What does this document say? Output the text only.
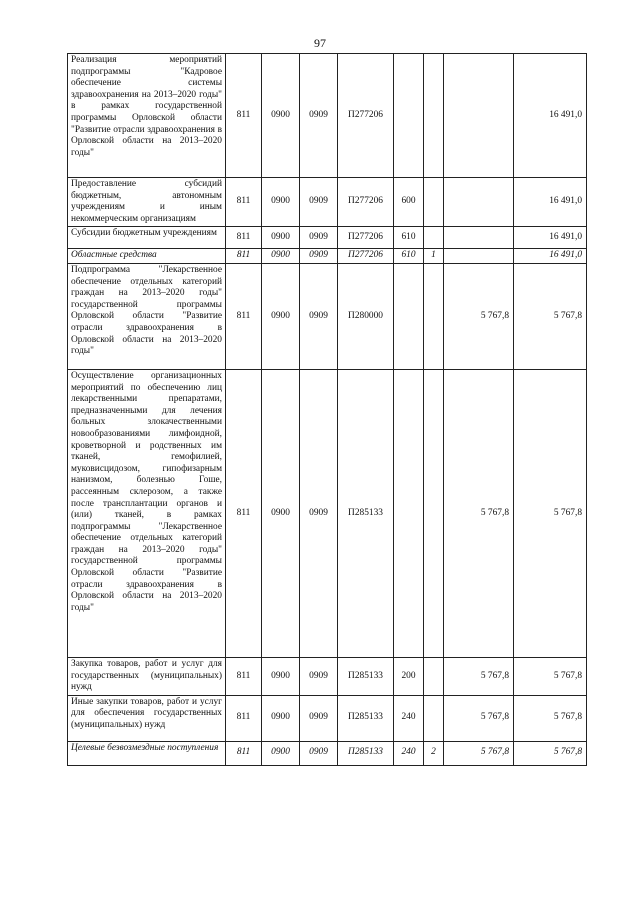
97
Реализация мероприятий подпрограммы "Кадровое обеспечение системы здравоохранения на 2013–2020 годы" в рамках государственной программы Орловской области "Развитие отрасли здравоохранения в Орловской области на 2013–2020 годы"	811	0900	0909	П277206				16 491,0
Предоставление субсидий бюджетным, автономным учреждениям и иным некоммерческим организациям	811	0900	0909	П277206	600			16 491,0
Субсидии бюджетным учреждениям	811	0900	0909	П277206	610			16 491,0
Областные средства	811	0900	0909	П277206	610	1		16 491,0
Подпрограмма "Лекарственное обеспечение отдельных категорий граждан на 2013–2020 годы" государственной программы Орловской области "Развитие отрасли здравоохранения в Орловской области на 2013–2020 годы"	811	0900	0909	П280000			5 767,8	5 767,8
Осуществление организационных мероприятий по обеспечению лиц лекарственными препаратами, предназначенными для лечения больных злокачественными новообразованиями лимфоидной, кроветворной и родственных им тканей, гемофилией, муковисцидозом, гипофизарным нанизмом, болезнью Гоше, рассеянным склерозом, а также после трансплантации органов и (или) тканей, в рамках подпрограммы "Лекарственное обеспечение отдельных категорий граждан на 2013–2020 годы" государственной программы Орловской области "Развитие отрасли здравоохранения в Орловской области на 2013–2020 годы"	811	0900	0909	П285133			5 767,8	5 767,8
Закупка товаров, работ и услуг для государственных (муниципальных) нужд	811	0900	0909	П285133	200		5 767,8	5 767,8
Иные закупки товаров, работ и услуг для обеспечения государственных (муниципальных) нужд	811	0900	0909	П285133	240		5 767,8	5 767,8
Целевые безвозмездные поступления	811	0900	0909	П285133	240	2	5 767,8	5 767,8
